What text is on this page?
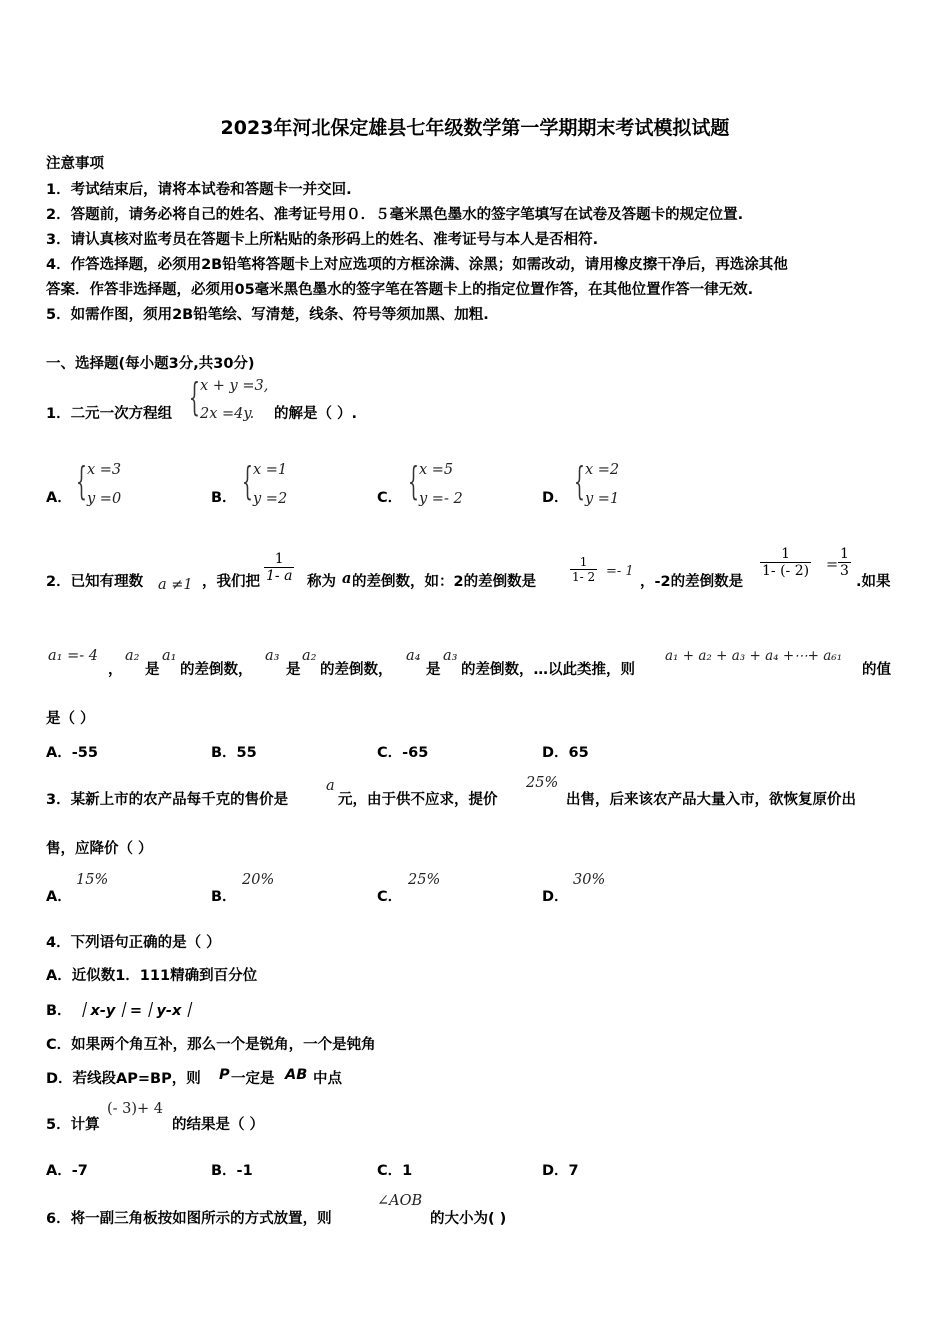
2023年河北保定雄县七年级数学第一学期期末考试模拟试题
注意事项
1．考试结束后，请将本试卷和答题卡一并交回.
2．答题前，请务必将自己的姓名、准考证号用０．５毫米黑色墨水的签字笔填写在试卷及答题卡的规定位置.
3．请认真核对监考员在答题卡上所粘贴的条形码上的姓名、准考证号与本人是否相符.
4．作答选择题，必须用2B铅笔将答题卡上对应选项的方框涂满、涂黑；如需改动，请用橡皮擦干净后，再选涂其他
答案．作答非选择题，必须用05毫米黑色墨水的签字笔在答题卡上的指定位置作答，在其他位置作答一律无效.
5．如需作图，须用2B铅笔绘、写清楚，线条、符号等须加黑、加粗.
一、选择题(每小题3分,共30分)
1．二元一次方程组 { x + y =3,
2x =4y. 的解是（ ）.
A． { x =3
y =0	B． { x =1
y =2	C． { x =5
y =- 2	D． { x =2
y =1
2．已知有理数 a ≠1 ，我们把 $\frac{1}{1- a}$ 称为 a 的差倒数，如：2的差倒数是	$\frac{1}{1- 2} =- 1$
，-2的差倒数是
$\frac{1}{1- (- 2)} = \frac{1}{3}$
.如果
a₁ =- 4
，
a₂
是
a₁
的差倒数，
a₃
是
a₂
的差倒数，
a₄
是
a₃
的差倒数，…以此类推，则
a₁ + a₂ + a₃ + a₄ +⋯+ a₆₁
的值
是（ ）
A．-55	B．55	C．-65	D．65
3．某新上市的农产品每千克的售价是
a
元，由于供不应求，提价
25%
出售，后来该农产品大量入市，欲恢复原价出
售，应降价（ ）
A．
15%
B．
20%
C．
25%
D．
30%
4．下列语句正确的是（ ）
A．近似数1．111精确到百分位
B． ｜x-y｜=｜y-x｜
C．如果两个角互补，那么一个是锐角，一个是钝角
D．若线段AP=BP，则 P 一定是 AB 中点
5．计算
(- 3)+ 4
的结果是（ ）
A．-7	B．-1	C．1	D．7
6．将一副三角板按如图所示的方式放置，则
∠AOB
的大小为( )
